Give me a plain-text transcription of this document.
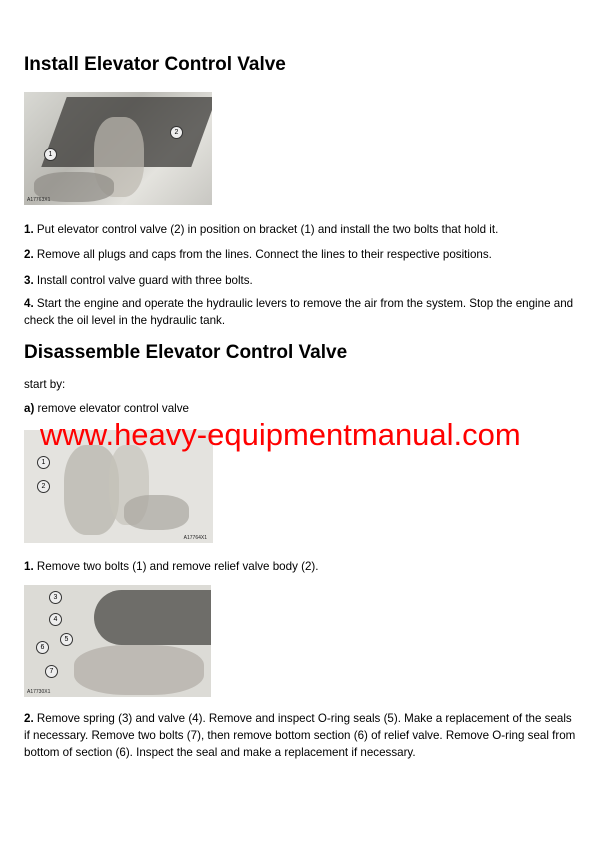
Install Elevator Control Valve
1
2
A17763X1

1. Put elevator control valve (2) in position on bracket (1) and install the two bolts that hold it.

2. Remove all plugs and caps from the lines. Connect the lines to their respective positions.

3. Install control valve guard with three bolts.

4. Start the engine and operate the hydraulic levers to remove the air from the system. Stop the engine and check the oil level in the hydraulic tank.

Disassemble Elevator Control Valve

start by:

a) remove elevator control valve

1
2
A17764X1

1. Remove two bolts (1) and remove relief valve body (2).

3
4
5
6
7
A17730X1

2. Remove spring (3) and valve (4). Remove and inspect O-ring seals (5). Make a replacement of the seals if necessary. Remove two bolts (7), then remove bottom section (6) of relief valve. Remove O-ring seal from bottom of section (6). Inspect the seal and make a replacement if necessary.

www.heavy-equipmentmanual.com
